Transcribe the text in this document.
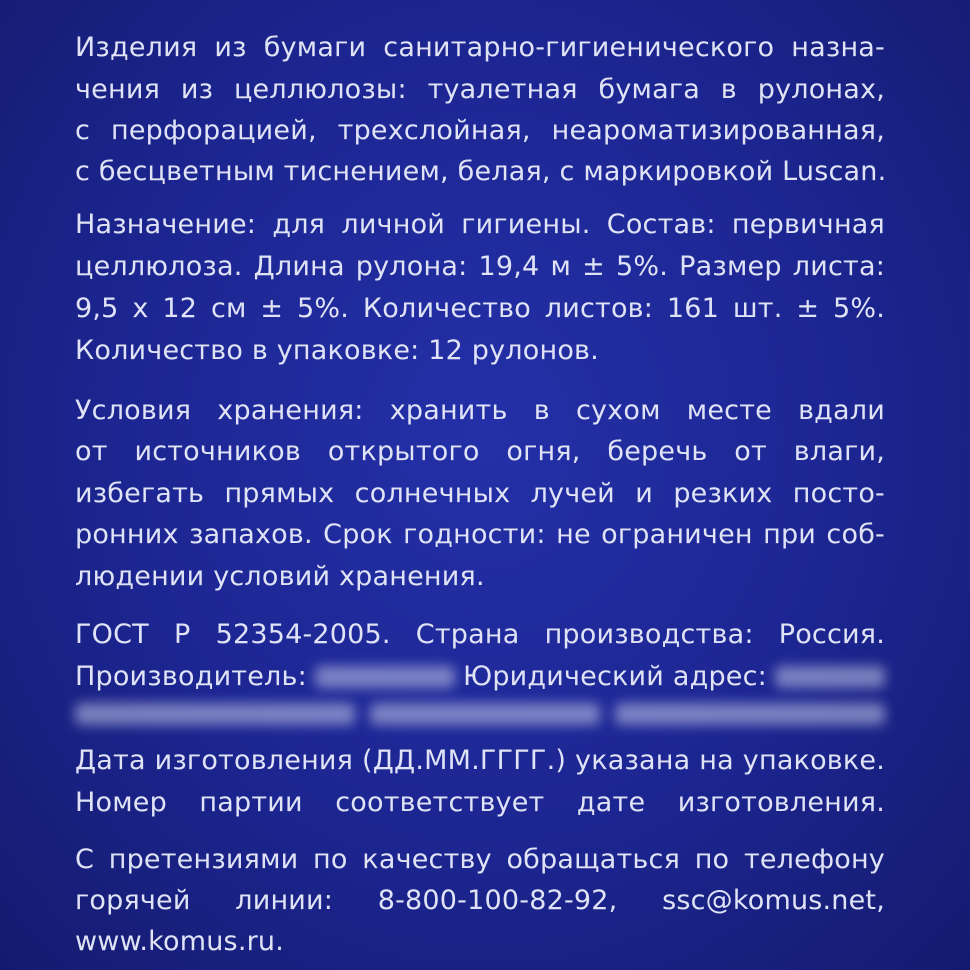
Изделия из бумаги санитарно-гигиенического назна-
чения из целлюлозы: туалетная бумага в рулонах,
с перфорацией, трехслойная, неароматизированная,
с бесцветным тиснением, белая, с маркировкой Luscan.
Назначение: для личной гигиены. Состав: первичная
целлюлоза. Длина рулона: 19,4 м ± 5%. Размер листа:
9,5 х 12 см ± 5%. Количество листов: 161 шт. ± 5%.
Количество в упаковке: 12 рулонов.
Условия хранения: хранить в сухом месте вдали
от источников открытого огня, беречь от влаги,
избегать прямых солнечных лучей и резких посто-
ронних запахов. Срок годности: не ограничен при соб-
людении условий хранения.
ГОСТ Р 52354-2005. Страна производства: Россия.
Производитель:	Юридический адрес:
Дата изготовления (ДД.ММ.ГГГГ.) указана на упаковке.
Номер партии соответствует дате изготовления.
С претензиями по качеству обращаться по телефону
горячей линии: 8-800-100-82-92, ssc@komus.net,
www.komus.ru.
